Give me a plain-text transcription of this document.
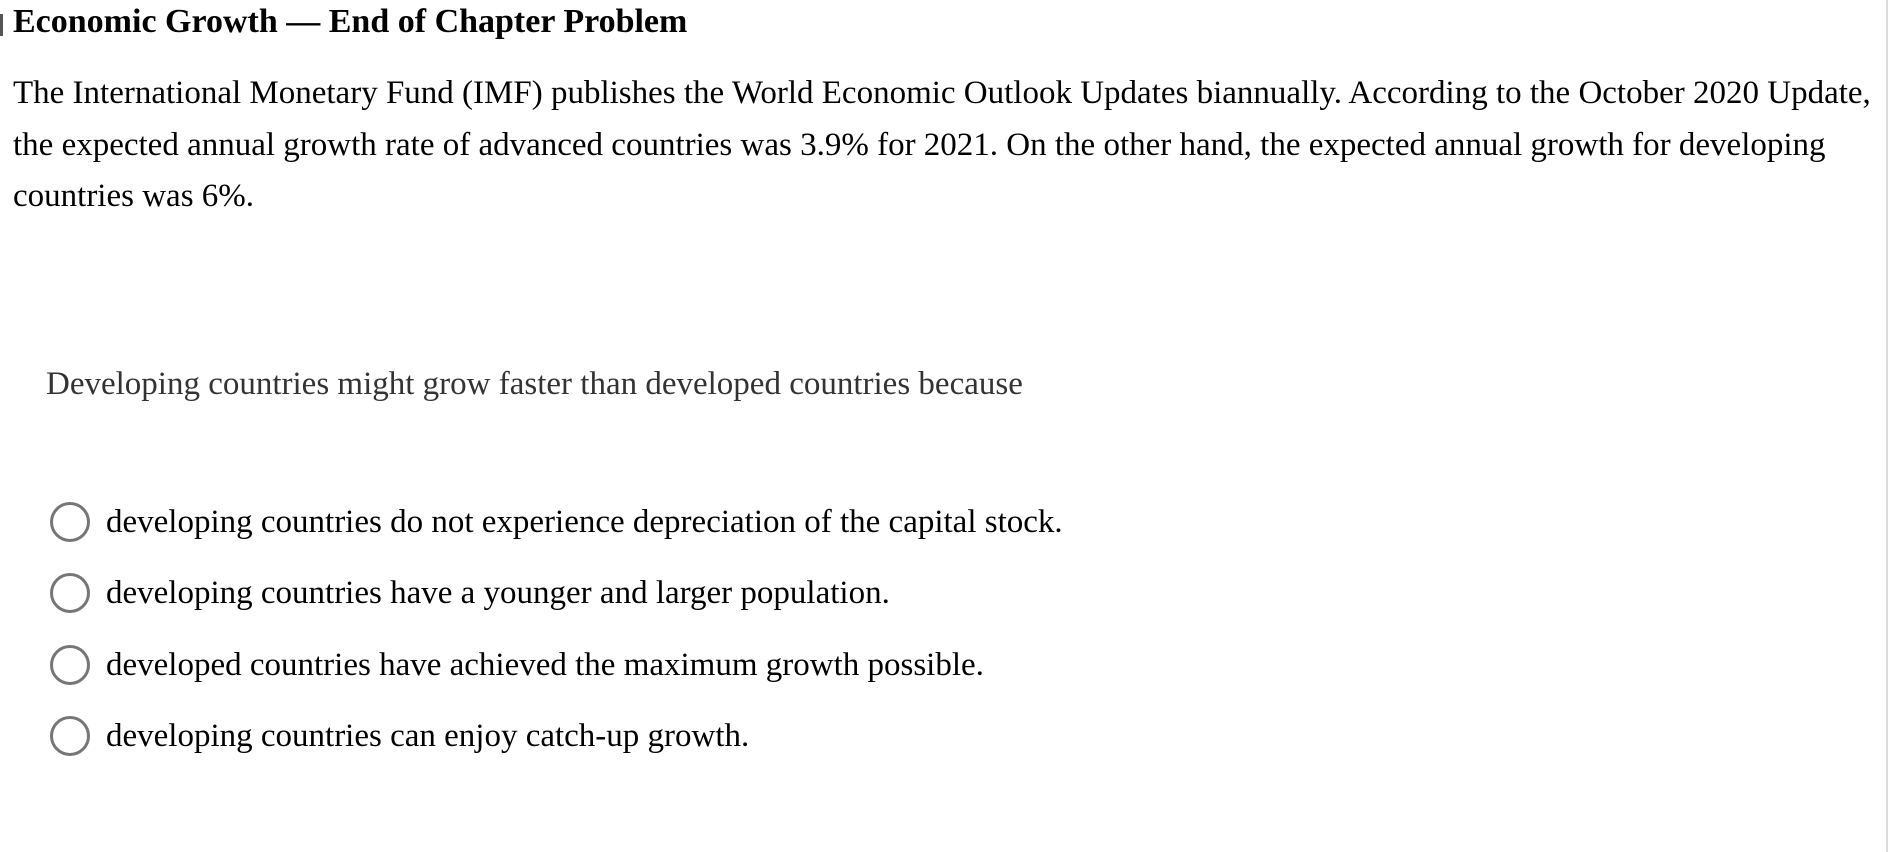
Economic Growth — End of Chapter Problem

The International Monetary Fund (IMF) publishes the World Economic Outlook Updates biannually. According to the October 2020 Update, the expected annual growth rate of advanced countries was 3.9% for 2021. On the other hand, the expected annual growth for developing countries was 6%.

Developing countries might grow faster than developed countries because

developing countries do not experience depreciation of the capital stock.
developing countries have a younger and larger population.
developed countries have achieved the maximum growth possible.
developing countries can enjoy catch-up growth.
